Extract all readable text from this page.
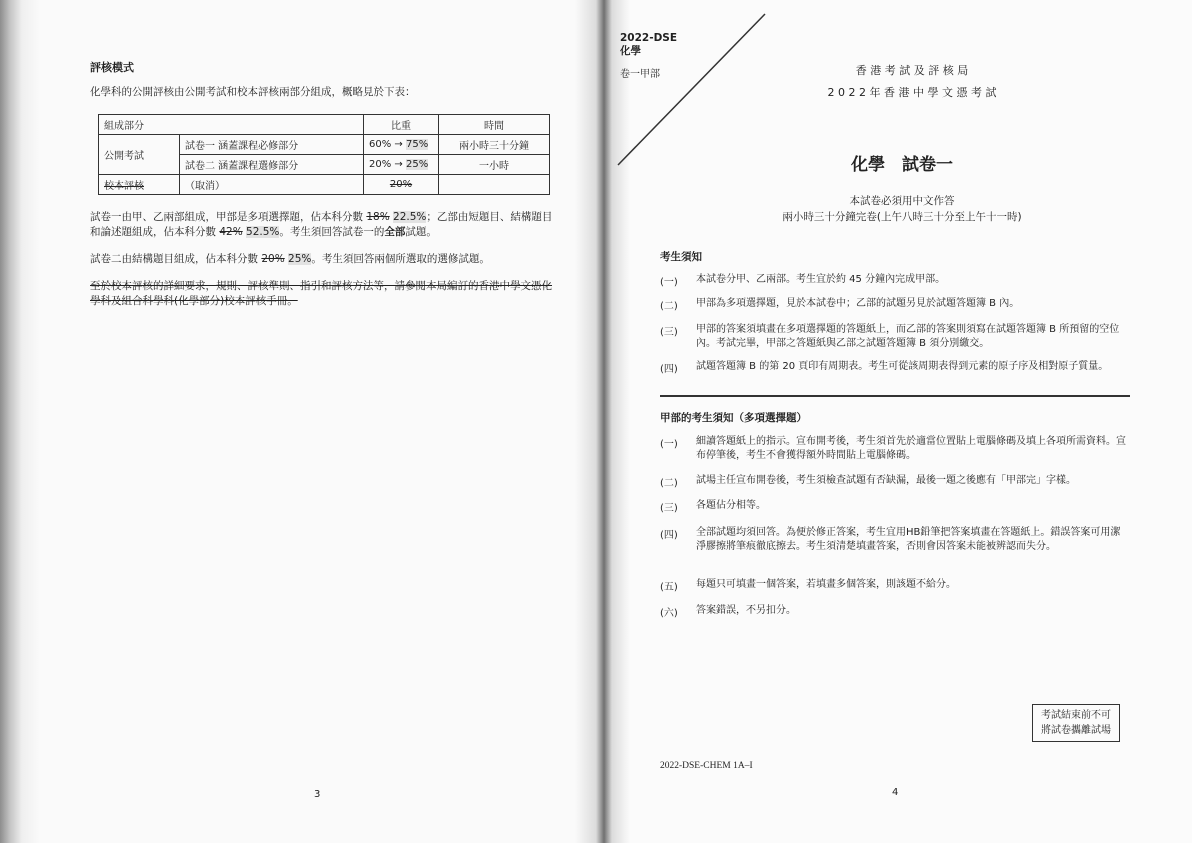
評核模式
化學科的公開評核由公開考試和校本評核兩部分組成，概略見於下表：
組成部分		比重	時間
公開考試	試卷一 涵蓋課程必修部分	60% → 75%	兩小時三十分鐘
	試卷二 涵蓋課程選修部分	20% → 25%	一小時
校本評核	（取消）	20%	
試卷一由甲、乙兩部組成，甲部是多項選擇題，佔本科分數 18% 22.5%；乙部由短題目、結構題目和論述題組成，佔本科分數 42% 52.5%。考生須回答試卷一的全部試題。
試卷二由結構題目組成，佔本科分數 20% 25%。考生須回答兩個所選取的選修試題。
至於校本評核的詳細要求，規則、評核準則、指引和評核方法等，請參閱本局編訂的香港中學文憑化學科及組合科學科(化學部分)校本評核手冊。
3
2022-DSE
化學
卷一甲部	香 港 考 試 及 評 核 局
2 0 2 2 年 香 港 中 學 文 憑 考 試
化學　試卷一
本試卷必須用中文作答
兩小時三十分鐘完卷(上午八時三十分至上午十一時)
考生須知
(一)	本試卷分甲、乙兩部。考生宜於約 45 分鐘內完成甲部。
(二)	甲部為多項選擇題，見於本試卷中；乙部的試題另見於試題答題簿 B 內。
(三)	甲部的答案須填畫在多項選擇題的答題紙上，而乙部的答案則須寫在試題答題簿 B 所預留的空位內。考試完畢，甲部之答題紙與乙部之試題答題簿 B 須分別繳交。
(四)	試題答題簿 B 的第 20 頁印有周期表。考生可從該周期表得到元素的原子序及相對原子質量。
甲部的考生須知（多項選擇題）
(一)	細讀答題紙上的指示。宣布開考後，考生須首先於適當位置貼上電腦條碼及填上各項所需資料。宣布停筆後，考生不會獲得額外時間貼上電腦條碼。
(二)	試場主任宣布開卷後，考生須檢查試題有否缺漏，最後一題之後應有「甲部完」字樣。
(三)	各題佔分相等。
(四)	全部試題均須回答。為便於修正答案，考生宜用HB鉛筆把答案填畫在答題紙上。錯誤答案可用潔淨膠擦將筆痕徹底擦去。考生須清楚填畫答案，否則會因答案未能被辨認而失分。
(五)	每題只可填畫一個答案，若填畫多個答案，則該題不給分。
(六)	答案錯誤，不另扣分。
考試結束前不可
將試卷攜離試場
2022-DSE-CHEM 1A–I
4
